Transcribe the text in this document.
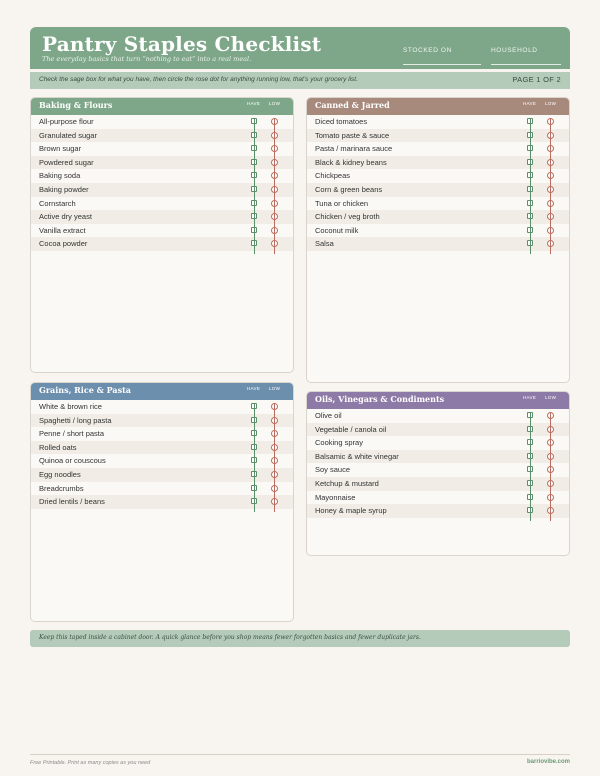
Pantry Staples Checklist
The everyday basics that turn “nothing to eat” into a real meal.
STOCKED ON	HOUSEHOLD
Check the sage box for what you have, then circle the rose dot for anything running low, that’s your grocery list.	PAGE 1 OF 2
Baking & Flours	HAVE LOW
All-purpose flour
Granulated sugar
Brown sugar
Powdered sugar
Baking soda
Baking powder
Cornstarch
Active dry yeast
Vanilla extract
Cocoa powder
Canned & Jarred	HAVE LOW
Diced tomatoes
Tomato paste & sauce
Pasta / marinara sauce
Black & kidney beans
Chickpeas
Corn & green beans
Tuna or chicken
Chicken / veg broth
Coconut milk
Salsa
Grains, Rice & Pasta	HAVE LOW
White & brown rice
Spaghetti / long pasta
Penne / short pasta
Rolled oats
Quinoa or couscous
Egg noodles
Breadcrumbs
Dried lentils / beans
Oils, Vinegars & Condiments	HAVE LOW
Olive oil
Vegetable / canola oil
Cooking spray
Balsamic & white vinegar
Soy sauce
Ketchup & mustard
Mayonnaise
Honey & maple syrup
Keep this taped inside a cabinet door. A quick glance before you shop means fewer forgotten basics and fewer duplicate jars.
Free Printable. Print as many copies as you need	barriovibe.com
